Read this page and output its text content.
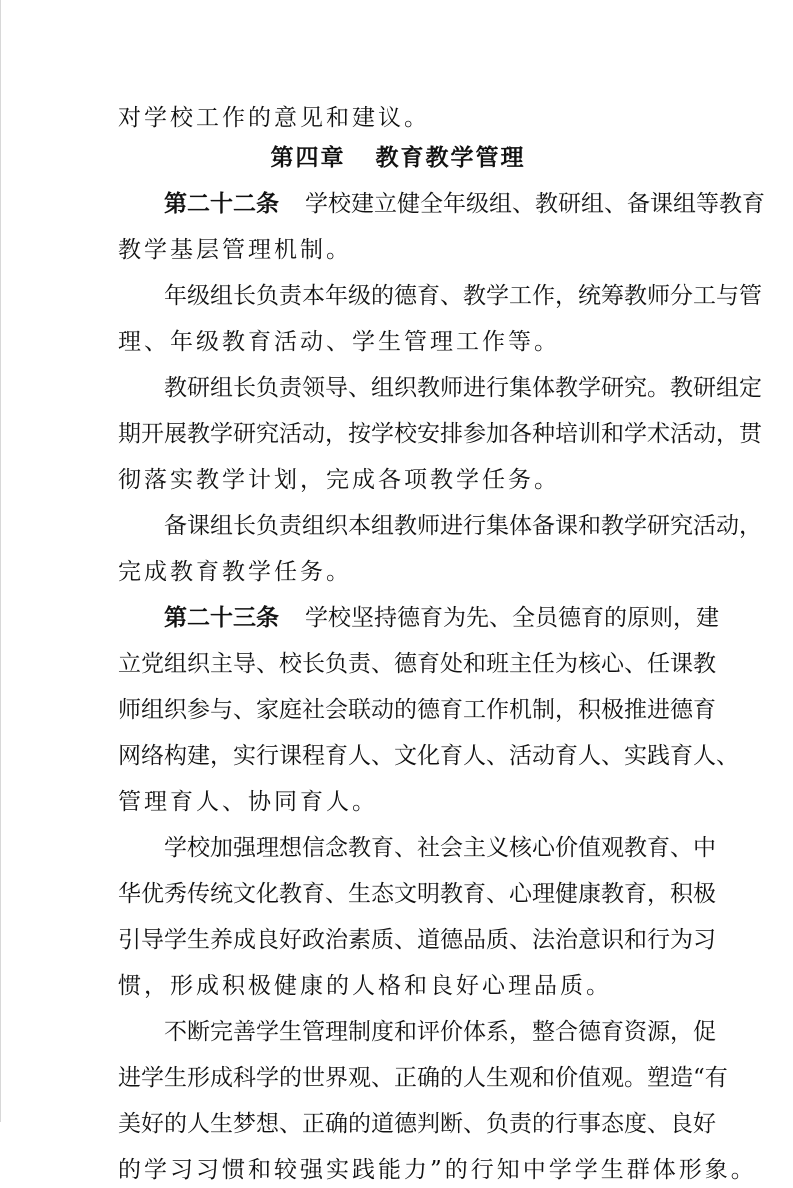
对学校工作的意见和建议。
第四章 教育教学管理
第二十二条 学校建立健全年级组、教研组、备课组等教育
教学基层管理机制。
年级组长负责本年级的德育、教学工作，统筹教师分工与管
理、年级教育活动、学生管理工作等。
教研组长负责领导、组织教师进行集体教学研究。教研组定
期开展教学研究活动，按学校安排参加各种培训和学术活动，贯
彻落实教学计划，完成各项教学任务。
备课组长负责组织本组教师进行集体备课和教学研究活动，
完成教育教学任务。
第二十三条 学校坚持德育为先、全员德育的原则，建
立党组织主导、校长负责、德育处和班主任为核心、任课教
师组织参与、家庭社会联动的德育工作机制，积极推进德育
网络构建，实行课程育人、文化育人、活动育人、实践育人、
管理育人、协同育人。
学校加强理想信念教育、社会主义核心价值观教育、中
华优秀传统文化教育、生态文明教育、心理健康教育，积极
引导学生养成良好政治素质、道德品质、法治意识和行为习
惯，形成积极健康的人格和良好心理品质。
不断完善学生管理制度和评价体系，整合德育资源，促
进学生形成科学的世界观、正确的人生观和价值观。塑造“有
美好的人生梦想、正确的道德判断、负责的行事态度、良好
的学习习惯和较强实践能力”的行知中学学生群体形象。
